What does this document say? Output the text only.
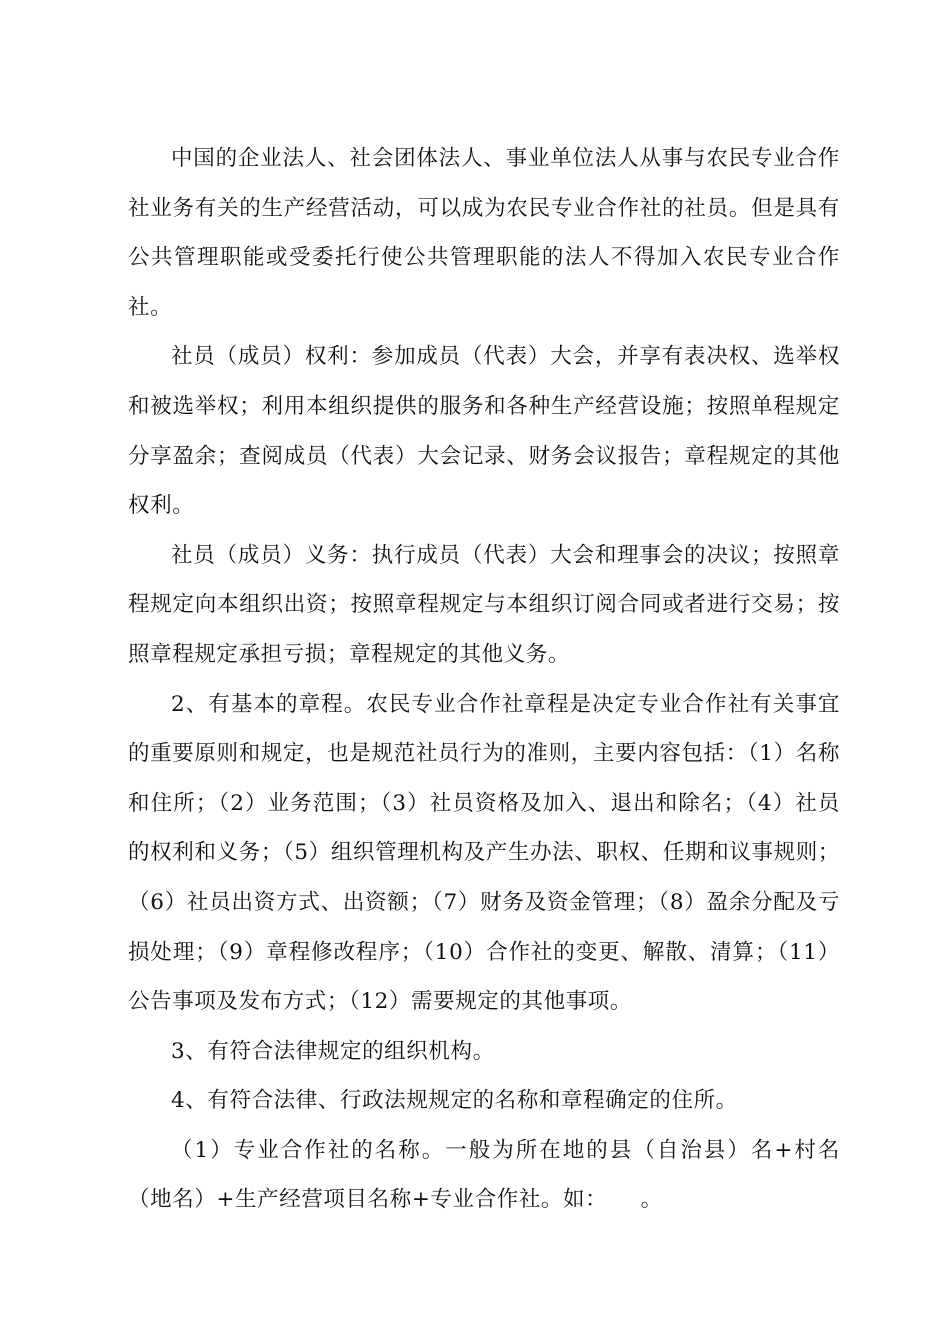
中国的企业法人、社会团体法人、事业单位法人从事与农民专业合作社业务有关的生产经营活动，可以成为农民专业合作社的社员。但是具有公共管理职能或受委托行使公共管理职能的法人不得加入农民专业合作社。

社员（成员）权利：参加成员（代表）大会，并享有表决权、选举权和被选举权；利用本组织提供的服务和各种生产经营设施；按照单程规定分享盈余；查阅成员（代表）大会记录、财务会议报告；章程规定的其他权利。

社员（成员）义务：执行成员（代表）大会和理事会的决议；按照章程规定向本组织出资；按照章程规定与本组织订阅合同或者进行交易；按照章程规定承担亏损；章程规定的其他义务。

2、有基本的章程。农民专业合作社章程是决定专业合作社有关事宜的重要原则和规定，也是规范社员行为的准则，主要内容包括：（1）名称和住所；（2）业务范围；（3）社员资格及加入、退出和除名；（4）社员的权利和义务；（5）组织管理机构及产生办法、职权、任期和议事规则；（6）社员出资方式、出资额；（7）财务及资金管理；（8）盈余分配及亏损处理；（9）章程修改程序；（10）合作社的变更、解散、清算；（11）公告事项及发布方式；（12）需要规定的其他事项。

3、有符合法律规定的组织机构。

4、有符合法律、行政法规规定的名称和章程确定的住所。

（1）专业合作社的名称。一般为所在地的县（自治县）名+村名（地名）+生产经营项目名称+专业合作社。如：　　。
